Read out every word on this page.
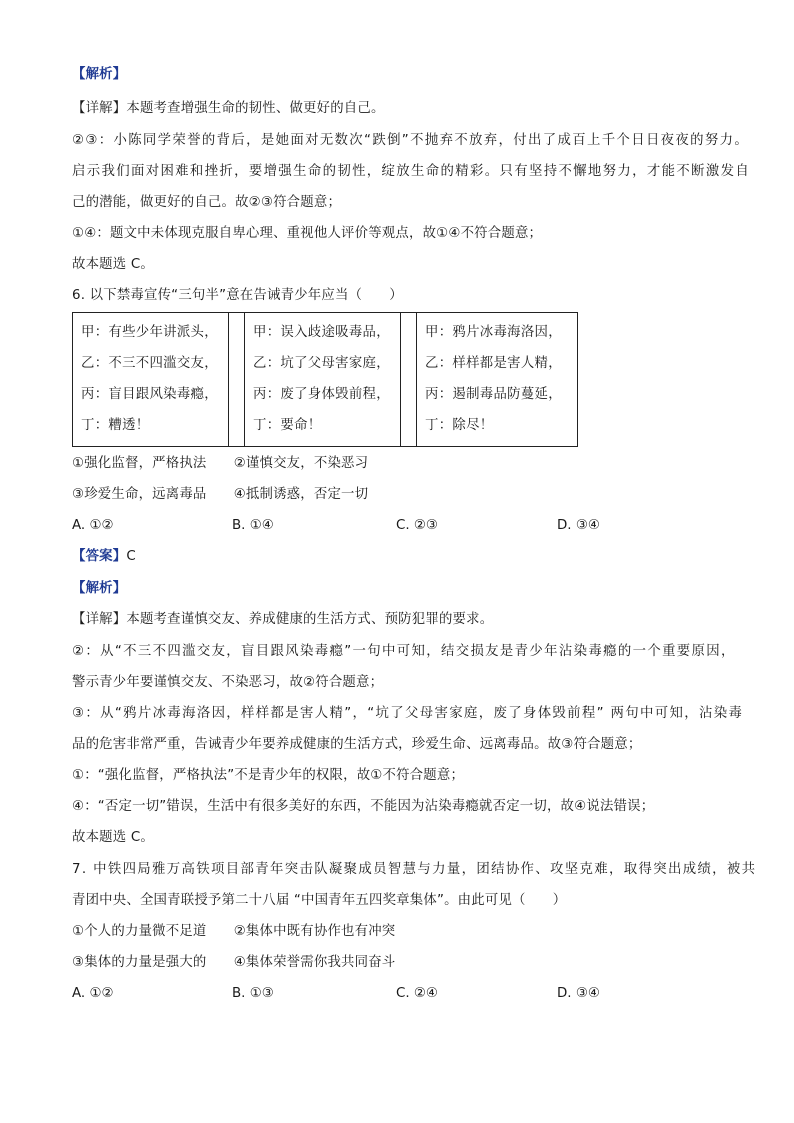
【解析】
【详解】本题考查增强生命的韧性、做更好的自己。
②③：小陈同学荣誉的背后，是她面对无数次“跌倒”不抛弃不放弃，付出了成百上千个日日夜夜的努力。
启示我们面对困难和挫折，要增强生命的韧性，绽放生命的精彩。只有坚持不懈地努力，才能不断激发自
己的潜能，做更好的自己。故②③符合题意；
①④：题文中未体现克服自卑心理、重视他人评价等观点，故①④不符合题意；
故本题选 C。
6. 以下禁毒宣传“三句半”意在告诫青少年应当（　　）
甲：有些少年讲派头，
乙：不三不四滥交友，
丙：盲目跟风染毒瘾，
丁：糟透！

甲：误入歧途吸毒品，
乙：坑了父母害家庭，
丙：废了身体毁前程，
丁：要命！

甲：鸦片冰毒海洛因，
乙：样样都是害人精，
丙：遏制毒品防蔓延，
丁：除尽！
①强化监督，严格执法　　②谨慎交友，不染恶习
③珍爱生命，远离毒品　　④抵制诱惑，否定一切
A. ①②	B. ①④	C. ②③	D. ③④
【答案】C
【解析】
【详解】本题考查谨慎交友、养成健康的生活方式、预防犯罪的要求。
②：从“不三不四滥交友，盲目跟风染毒瘾”一句中可知，结交损友是青少年沾染毒瘾的一个重要原因，
警示青少年要谨慎交友、不染恶习，故②符合题意；
③：从“鸦片冰毒海洛因，样样都是害人精”，“坑了父母害家庭，废了身体毁前程” 两句中可知，沾染毒
品的危害非常严重，告诫青少年要养成健康的生活方式，珍爱生命、远离毒品。故③符合题意；
①：“强化监督，严格执法”不是青少年的权限，故①不符合题意；
④：“否定一切”错误，生活中有很多美好的东西，不能因为沾染毒瘾就否定一切，故④说法错误；
故本题选 C。
7. 中铁四局雅万高铁项目部青年突击队凝聚成员智慧与力量，团结协作、攻坚克难，取得突出成绩，被共
青团中央、全国青联授予第二十八届 “中国青年五四奖章集体”。由此可见（　　）
①个人的力量微不足道　　②集体中既有协作也有冲突
③集体的力量是强大的　　④集体荣誉需你我共同奋斗
A. ①②	B. ①③	C. ②④	D. ③④
